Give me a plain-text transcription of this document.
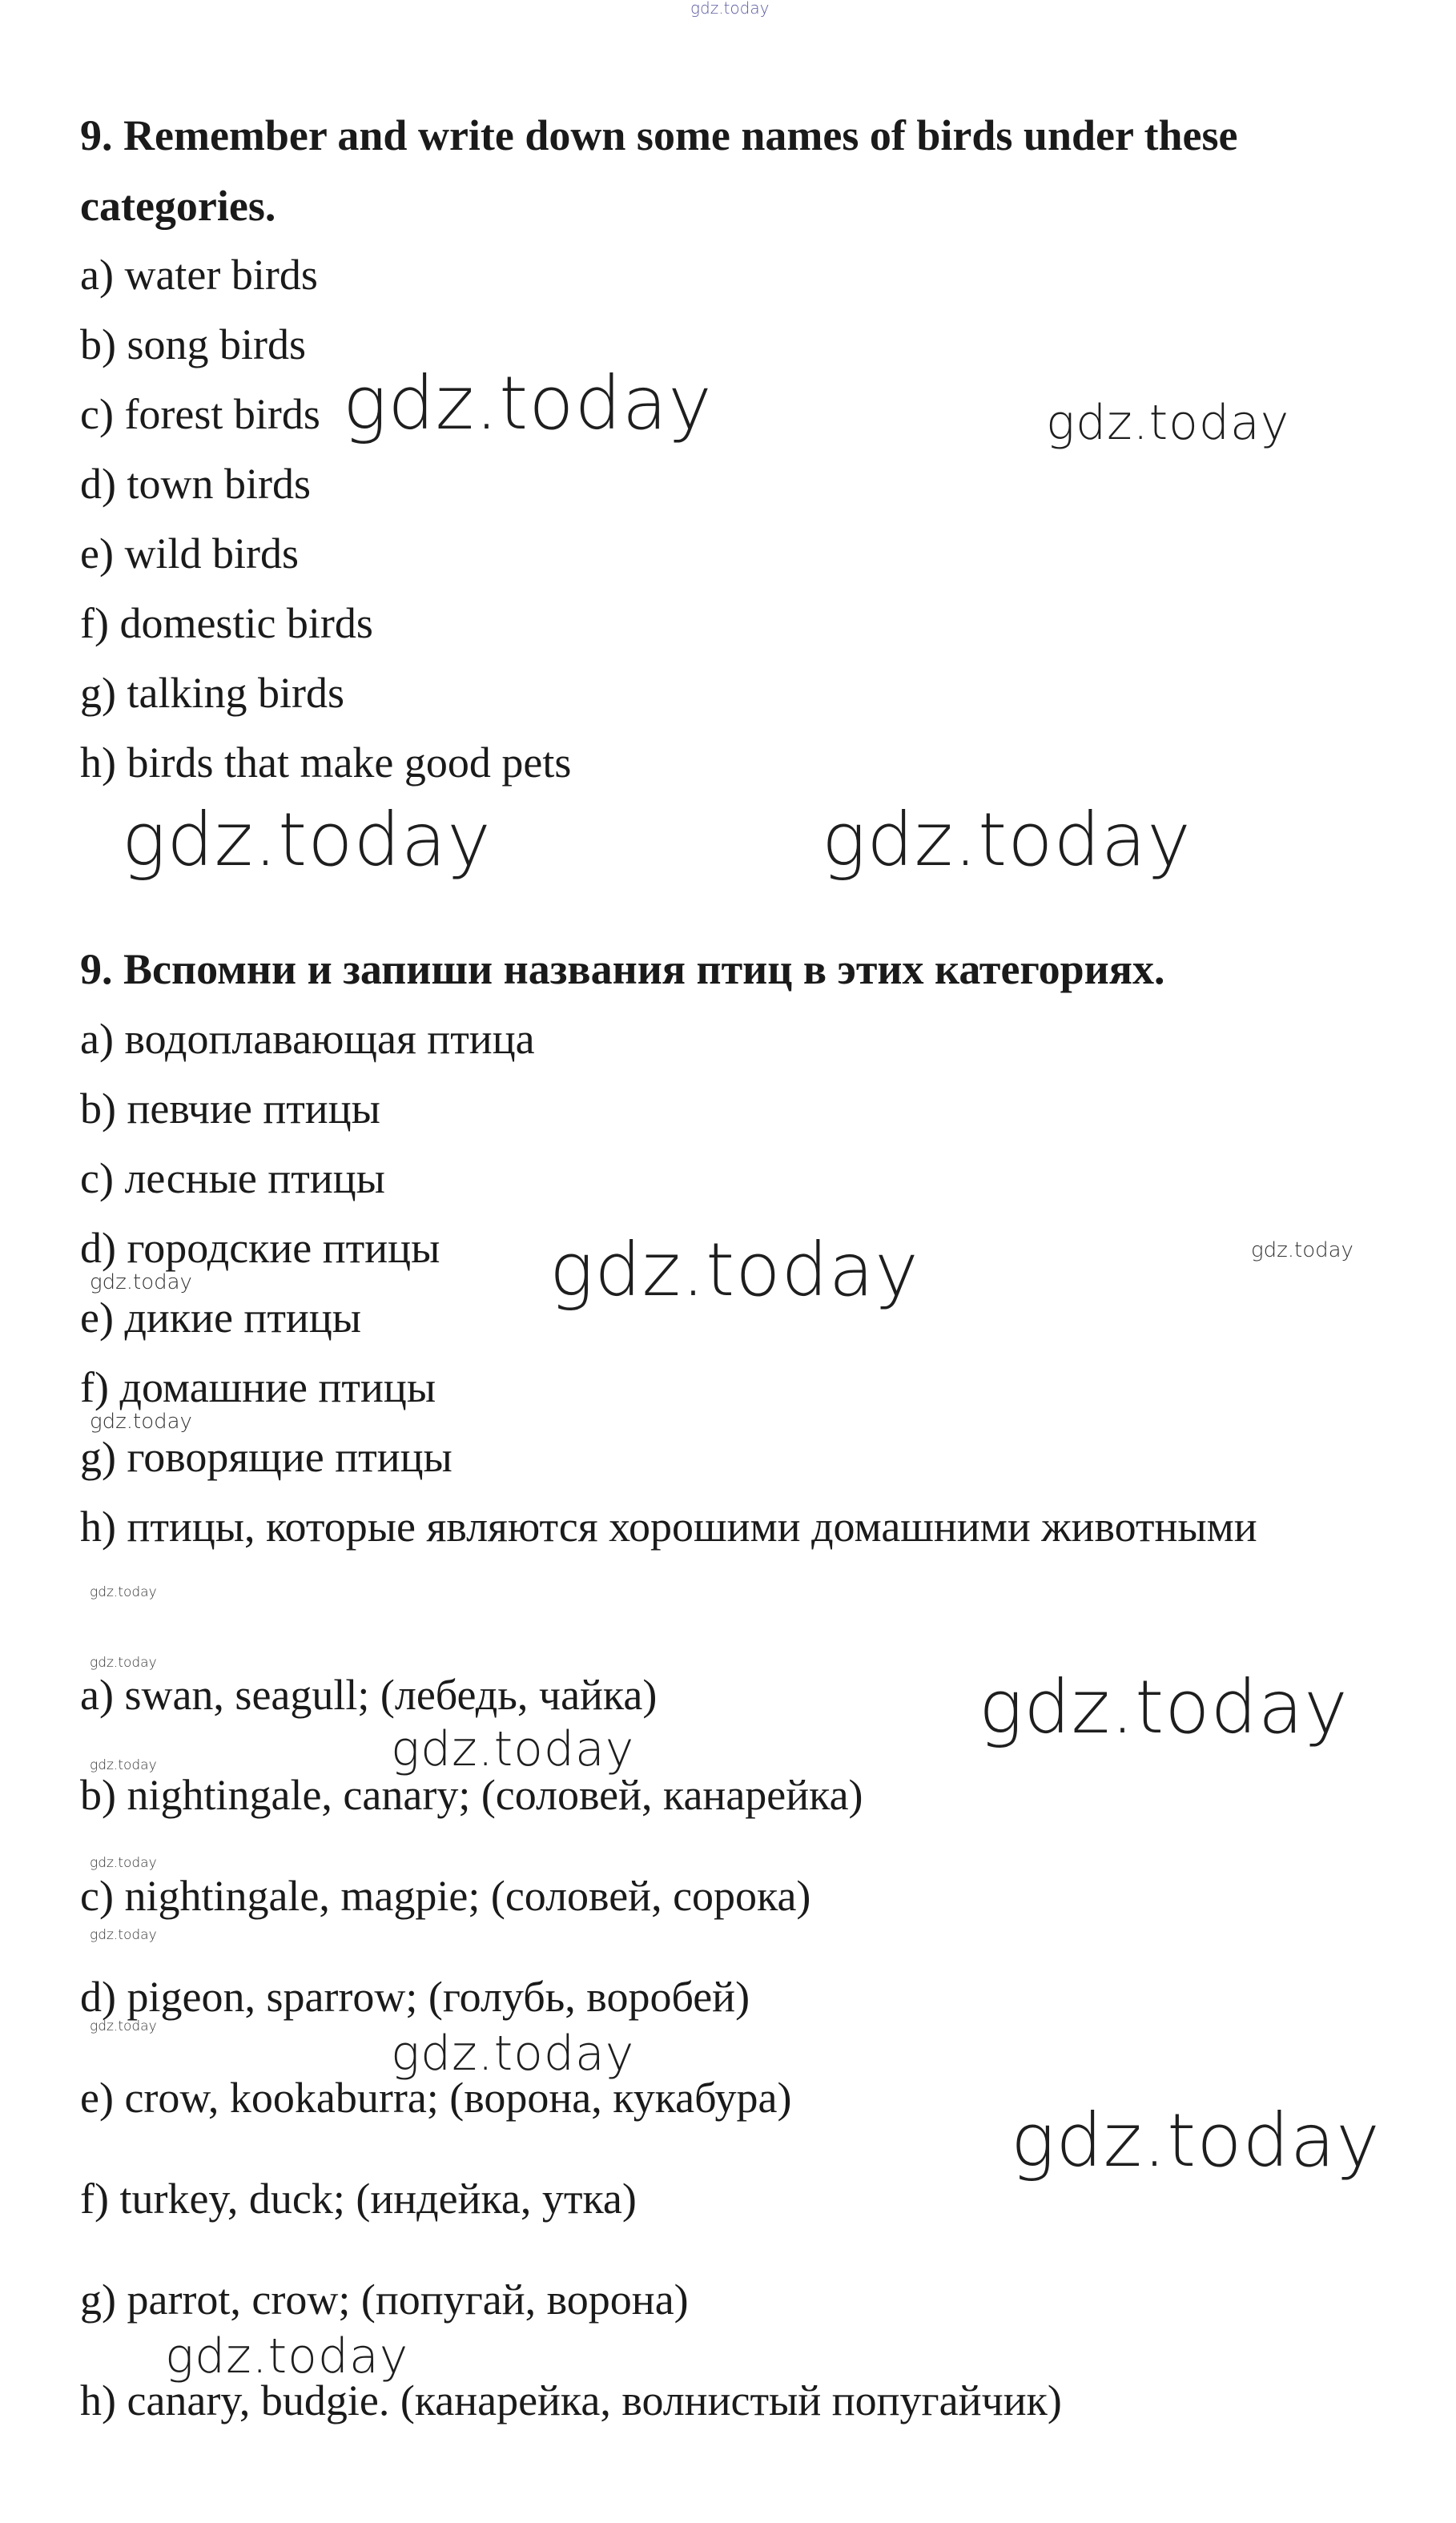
gdz.today
9. Remember and write down some names of birds under these
categories.
a) water birds
b) song birds
c) forest birds
d) town birds
e) wild birds
f) domestic birds
g) talking birds
h) birds that make good pets
9. Вспомни и запиши названия птиц в этих категориях.
a) водоплавающая птица
b) певчие птицы
c) лесные птицы
d) городские птицы
e) дикие птицы
f) домашние птицы
g) говорящие птицы
h) птицы, которые являются хорошими домашними животными
a) swan, seagull; (лебедь, чайка)
b) nightingale, canary; (соловей, канарейка)
c) nightingale, magpie; (соловей, сорока)
d) pigeon, sparrow; (голубь, воробей)
e) crow, kookaburra; (ворона, кукабура)
f) turkey, duck; (индейка, утка)
g) parrot, crow; (попугай, ворона)
h) canary, budgie. (канарейка, волнистый попугайчик)
gdz.today	gdz.today
gdz.today	gdz.today
gdz.today	gdz.today
gdz.today
gdz.today
gdz.today
gdz.today
gdz.today
gdz.today
gdz.today
gdz.today
gdz.today
gdz.today
gdz.today
gdz.today
gdz.today
